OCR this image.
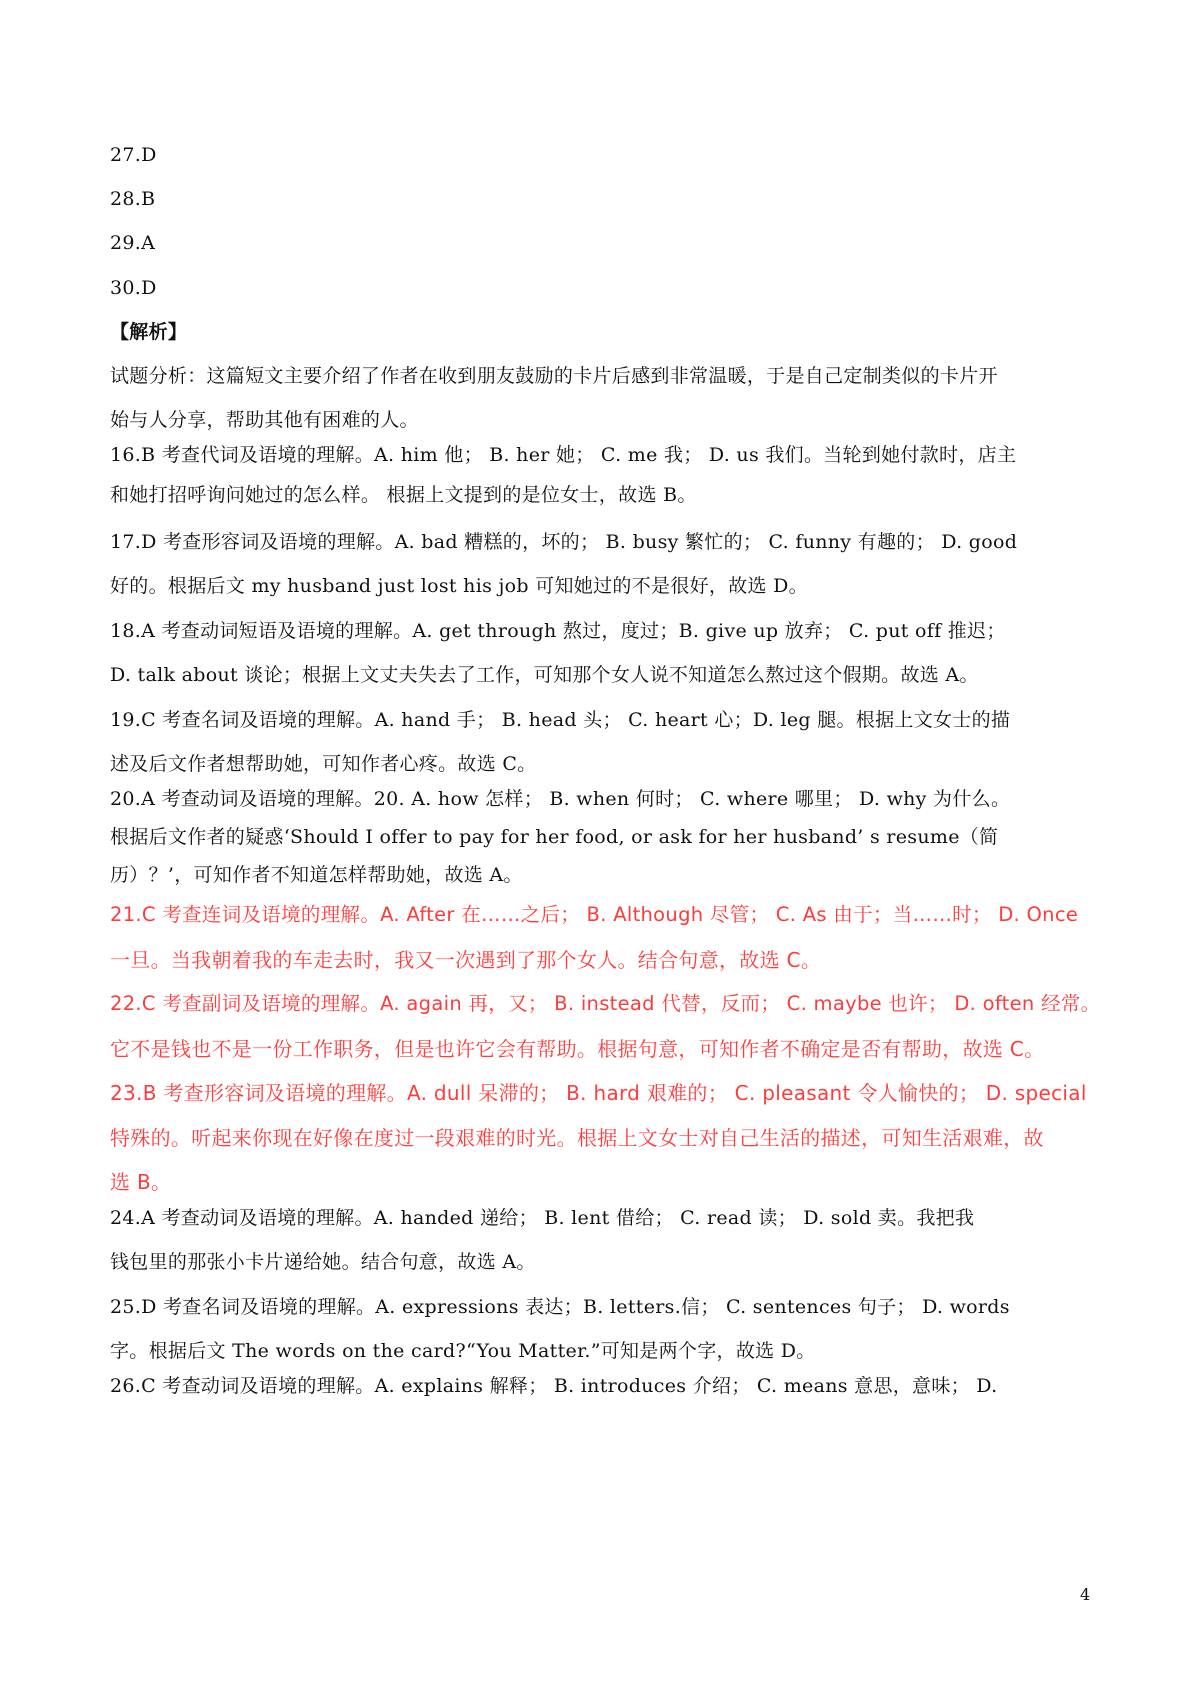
27.D
28.B
29.A
30.D
【解析】
试题分析：这篇短文主要介绍了作者在收到朋友鼓励的卡片后感到非常温暖，于是自己定制类似的卡片开
始与人分享，帮助其他有困难的人。
16.B 考查代词及语境的理解。A. him 他； B. her 她； C. me 我； D. us 我们。当轮到她付款时，店主
和她打招呼询问她过的怎么样。 根据上文提到的是位女士，故选 B。
17.D 考查形容词及语境的理解。A. bad 糟糕的，坏的； B. busy 繁忙的； C. funny 有趣的； D. good
好的。根据后文 my husband just lost his job 可知她过的不是很好，故选 D。
18.A 考查动词短语及语境的理解。A. get through 熬过，度过；B. give up 放弃； C. put off 推迟；
D. talk about 谈论；根据上文丈夫失去了工作，可知那个女人说不知道怎么熬过这个假期。故选 A。
19.C 考查名词及语境的理解。A. hand 手； B. head 头； C. heart 心；D. leg 腿。根据上文女士的描
述及后文作者想帮助她，可知作者心疼。故选 C。
20.A 考查动词及语境的理解。20. A. how 怎样； B. when 何时； C. where 哪里； D. why 为什么。
根据后文作者的疑惑‘Should I offer to pay for her food, or ask for her husband’ s resume（简
历）？’，可知作者不知道怎样帮助她，故选 A。
21.C 考查连词及语境的理解。A. After 在……之后； B. Although 尽管； C. As 由于；当……时； D. Once
一旦。当我朝着我的车走去时，我又一次遇到了那个女人。结合句意，故选 C。
22.C 考查副词及语境的理解。A. again 再，又； B. instead 代替，反而； C. maybe 也许； D. often 经常。
它不是钱也不是一份工作职务，但是也许它会有帮助。根据句意，可知作者不确定是否有帮助，故选 C。
23.B 考查形容词及语境的理解。A. dull 呆滞的； B. hard 艰难的； C. pleasant 令人愉快的； D. special
特殊的。听起来你现在好像在度过一段艰难的时光。根据上文女士对自己生活的描述，可知生活艰难，故
选 B。
24.A 考查动词及语境的理解。A. handed 递给； B. lent 借给； C. read 读； D. sold 卖。我把我
钱包里的那张小卡片递给她。结合句意，故选 A。
25.D 考查名词及语境的理解。A. expressions 表达；B. letters.信； C. sentences 句子； D. words
字。根据后文 The words on the card?“You Matter.”可知是两个字，故选 D。
26.C 考查动词及语境的理解。A. explains 解释； B. introduces 介绍； C. means 意思，意味； D.
4
